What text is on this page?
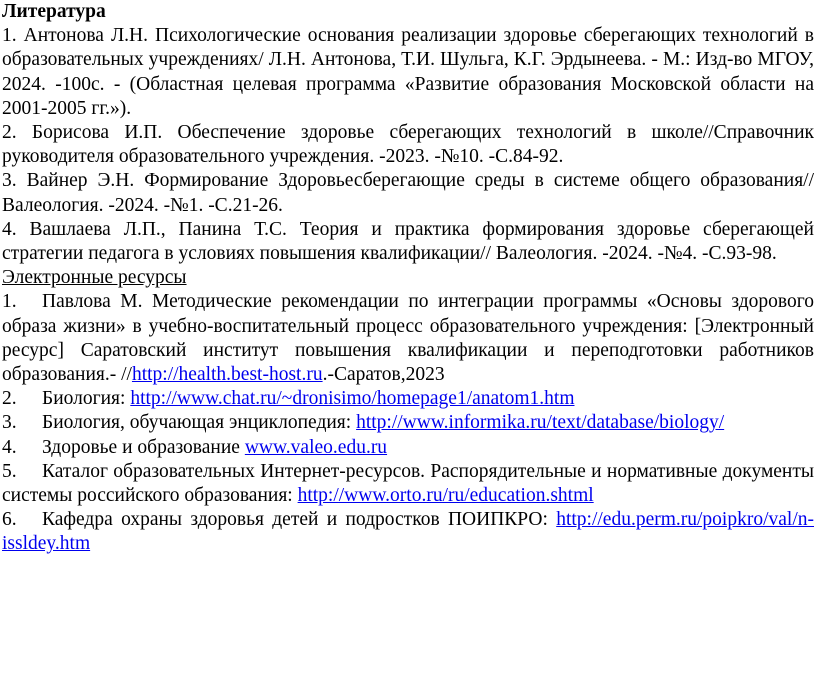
Литература

1. Антонова Л.Н. Психологические основания реализации здоровье сберегающих технологий в образовательных учреждениях/ Л.Н. Антонова, Т.И. Шульга, К.Г. Эрдынеева. - М.: Изд-во МГОУ, 2024. -100с. - (Областная целевая программа «Развитие образования Московской области на 2001-2005 гг.»).

2. Борисова И.П. Обеспечение здоровье сберегающих технологий в школе//Справочник руководителя образовательного учреждения. -2023. -№10. -С.84-92.

3. Вайнер Э.Н. Формирование Здоровьесберегающие среды в системе общего образования// Валеология. -2024. -№1. -С.21-26.

4. Вашлаева Л.П., Панина Т.С. Теория и практика формирования здоровье сберегающей стратегии педагога в условиях повышения квалификации// Валеология. -2024. -№4. -С.93-98.

Электронные ресурсы

1. Павлова М. Методические рекомендации по интеграции программы «Основы здорового образа жизни» в учебно-воспитательный процесс образовательного учреждения: [Электронный ресурс] Саратовский институт повышения квалификации и переподготовки работников образования.- //http://health.best-host.ru.-Саратов,2023

2. Биология: http://www.chat.ru/~dronisimo/homepage1/anatom1.htm

3. Биология, обучающая энциклопедия: http://www.informika.ru/text/database/biology/

4. Здоровье и образование www.valeo.edu.ru

5. Каталог образовательных Интернет-ресурсов. Распорядительные и нормативные документы системы российского образования: http://www.orto.ru/ru/education.shtml

6. Кафедра охраны здоровья детей и подростков ПОИПКРО: http://edu.perm.ru/poipkro/val/n-issldey.htm
